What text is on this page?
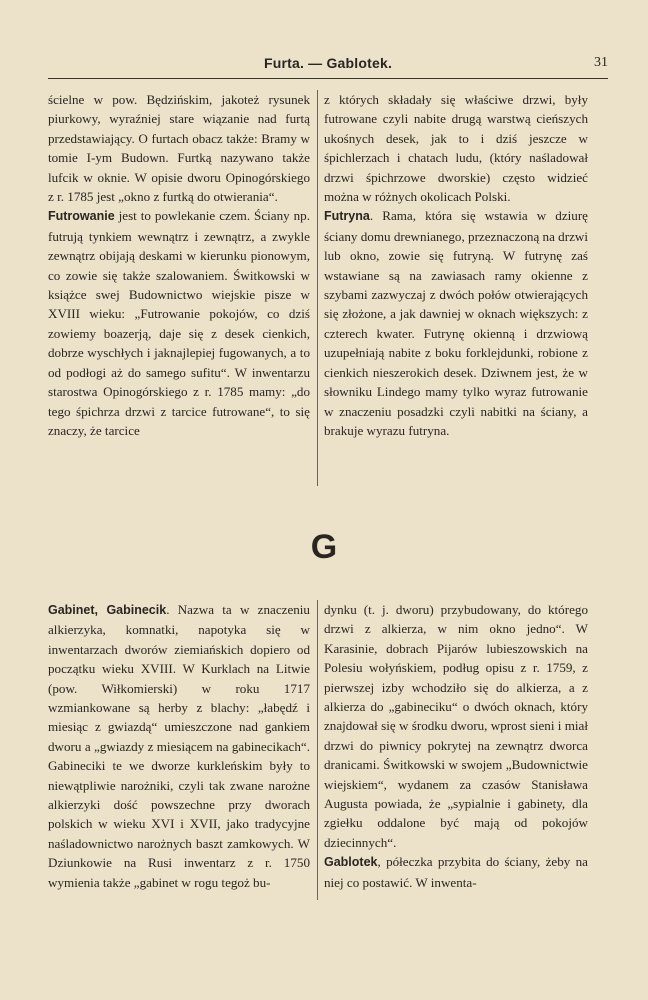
Furta. — Gablotek.	31

ścielne w pow. Będzińskim, jakoteż rysunek piurkowy, wyraźniej stare wiązanie nad furtą przedstawiający. O furtach obacz także: Bramy w tomie I-ym Budown. Furtką nazywano także lufcik w oknie. W opisie dworu Opinogórskiego z r. 1785 jest „okno z furtką do otwierania“.

Futrowanie jest to powlekanie czem. Ściany np. futrują tynkiem wewnątrz i zewnątrz, a zwykle zewnątrz obijają deskami w kierunku pionowym, co zowie się także szalowaniem. Świtkowski w książce swej Budownictwo wiejskie pisze w XVIII wieku: „Futrowanie pokojów, co dziś zowiemy boazerją, daje się z desek cienkich, dobrze wyschłych i jaknajlepiej fugowanych, a to od podłogi aż do samego sufitu“. W inwentarzu starostwa Opinogórskiego z r. 1785 mamy: „do tego śpichrza drzwi z tarcice futrowane“, to się znaczy, że tarcice

z których składały się właściwe drzwi, były futrowane czyli nabite drugą warstwą cieńszych ukośnych desek, jak to i dziś jeszcze w śpichlerzach i chatach ludu, (który naśladował drzwi śpichrzowe dworskie) często widzieć można w różnych okolicach Polski.

Futryna. Rama, która się wstawia w dziurę ściany domu drewnianego, przeznaczoną na drzwi lub okno, zowie się futryną. W futrynę zaś wstawiane są na zawiasach ramy okienne z szybami zazwyczaj z dwóch połów otwierających się złożone, a jak dawniej w oknach większych: z czterech kwater. Futrynę okienną i drzwiową uzupełniają nabite z boku forklejdunki, robione z cienkich nieszerokich desek. Dziwnem jest, że w słowniku Lindego mamy tylko wyraz futrowanie w znaczeniu posadzki czyli nabitki na ściany, a brakuje wyrazu futryna.

G

Gabinet, Gabinecik. Nazwa ta w znaczeniu alkierzyka, komnatki, napotyka się w inwentarzach dworów ziemiańskich dopiero od początku wieku XVIII. W Kurklach na Litwie (pow. Wiłkomierski) w roku 1717 wzmiankowane są herby z blachy: „łabędź i miesiąc z gwiazdą“ umieszczone nad gankiem dworu a „gwiazdy z miesiącem na gabinecikach“. Gabineciki te we dworze kurkleńskim były to niewątpliwie narożniki, czyli tak zwane narożne alkierzyki dość powszechne przy dworach polskich w wieku XVI i XVII, jako tradycyjne naśladownictwo narożnych baszt zamkowych. W Dziunkowie na Rusi inwentarz z r. 1750 wymienia także „gabinet w rogu tegoż bu-

dynku (t. j. dworu) przybudowany, do którego drzwi z alkierza, w nim okno jedno“. W Karasinie, dobrach Pijarów lubieszowskich na Polesiu wołyńskiem, podług opisu z r. 1759, z pierwszej izby wchodziło się do alkierza, a z alkierza do „gabineciku“ o dwóch oknach, który znajdował się w środku dworu, wprost sieni i miał drzwi do piwnicy pokrytej na zewnątrz dworca dranicami. Świtkowski w swojem „Budownictwie wiejskiem“, wydanem za czasów Stanisława Augusta powiada, że „sypialnie i gabinety, dla zgiełku oddalone być mają od pokojów dziecinnych“.

Gablotek, półeczka przybita do ściany, żeby na niej co postawić. W inwenta-
